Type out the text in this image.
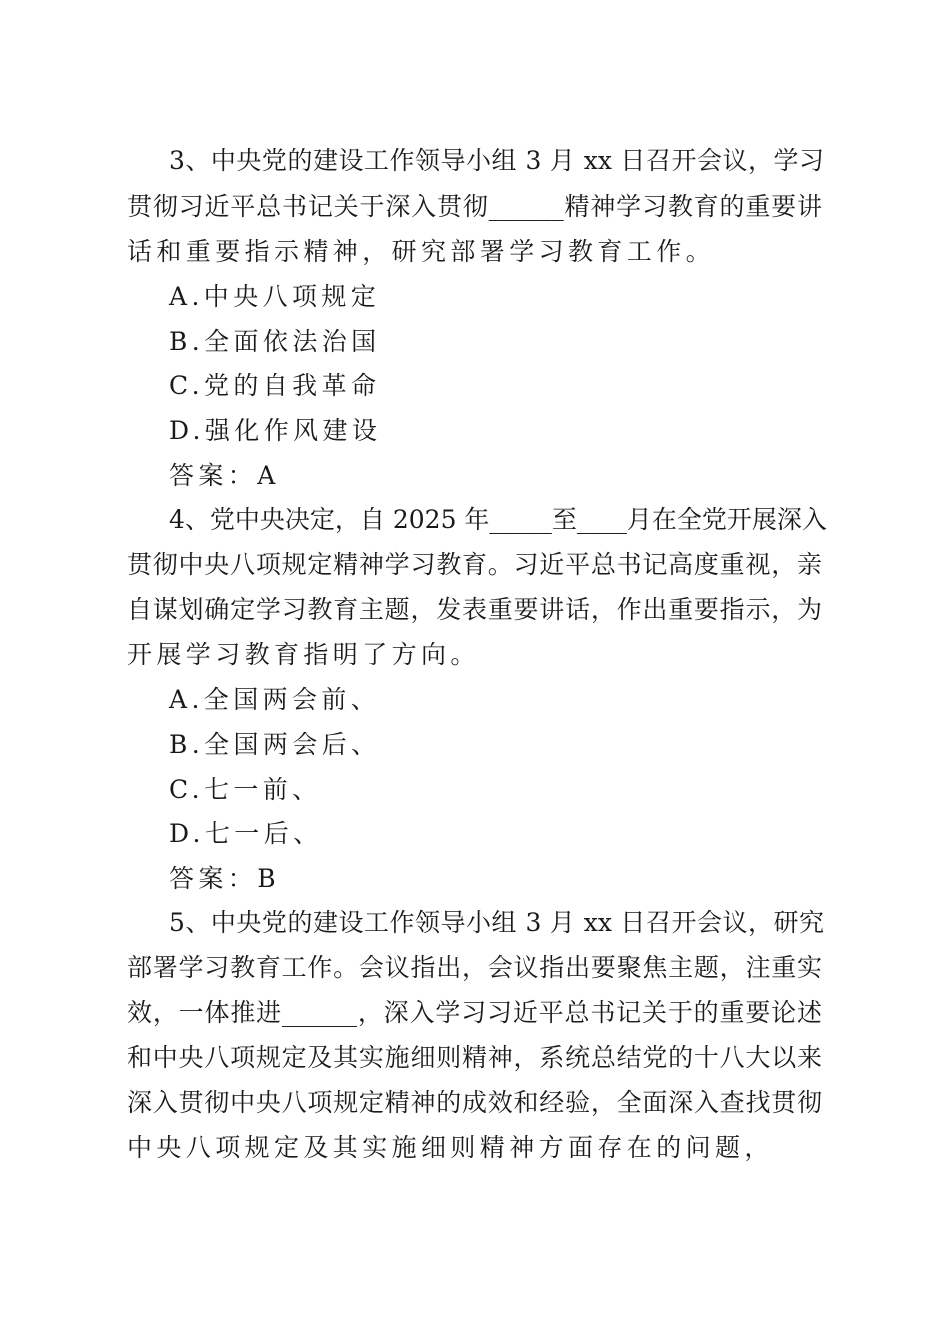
3、中央党的建设工作领导小组 3 月 xx 日召开会议，学习
贯彻习近平总书记关于深入贯彻______精神学习教育的重要讲
话和重要指示精神，研究部署学习教育工作。
A.中央八项规定
B.全面依法治国
C.党的自我革命
D.强化作风建设
答案：A
4、党中央决定，自 2025 年_____至____月在全党开展深入
贯彻中央八项规定精神学习教育。习近平总书记高度重视，亲
自谋划确定学习教育主题，发表重要讲话，作出重要指示，为
开展学习教育指明了方向。
A.全国两会前、
B.全国两会后、
C.七一前、
D.七一后、
答案：B
5、中央党的建设工作领导小组 3 月 xx 日召开会议，研究
部署学习教育工作。会议指出，会议指出要聚焦主题，注重实
效，一体推进______，深入学习习近平总书记关于的重要论述
和中央八项规定及其实施细则精神，系统总结党的十八大以来
深入贯彻中央八项规定精神的成效和经验，全面深入查找贯彻
中央八项规定及其实施细则精神方面存在的问题，
